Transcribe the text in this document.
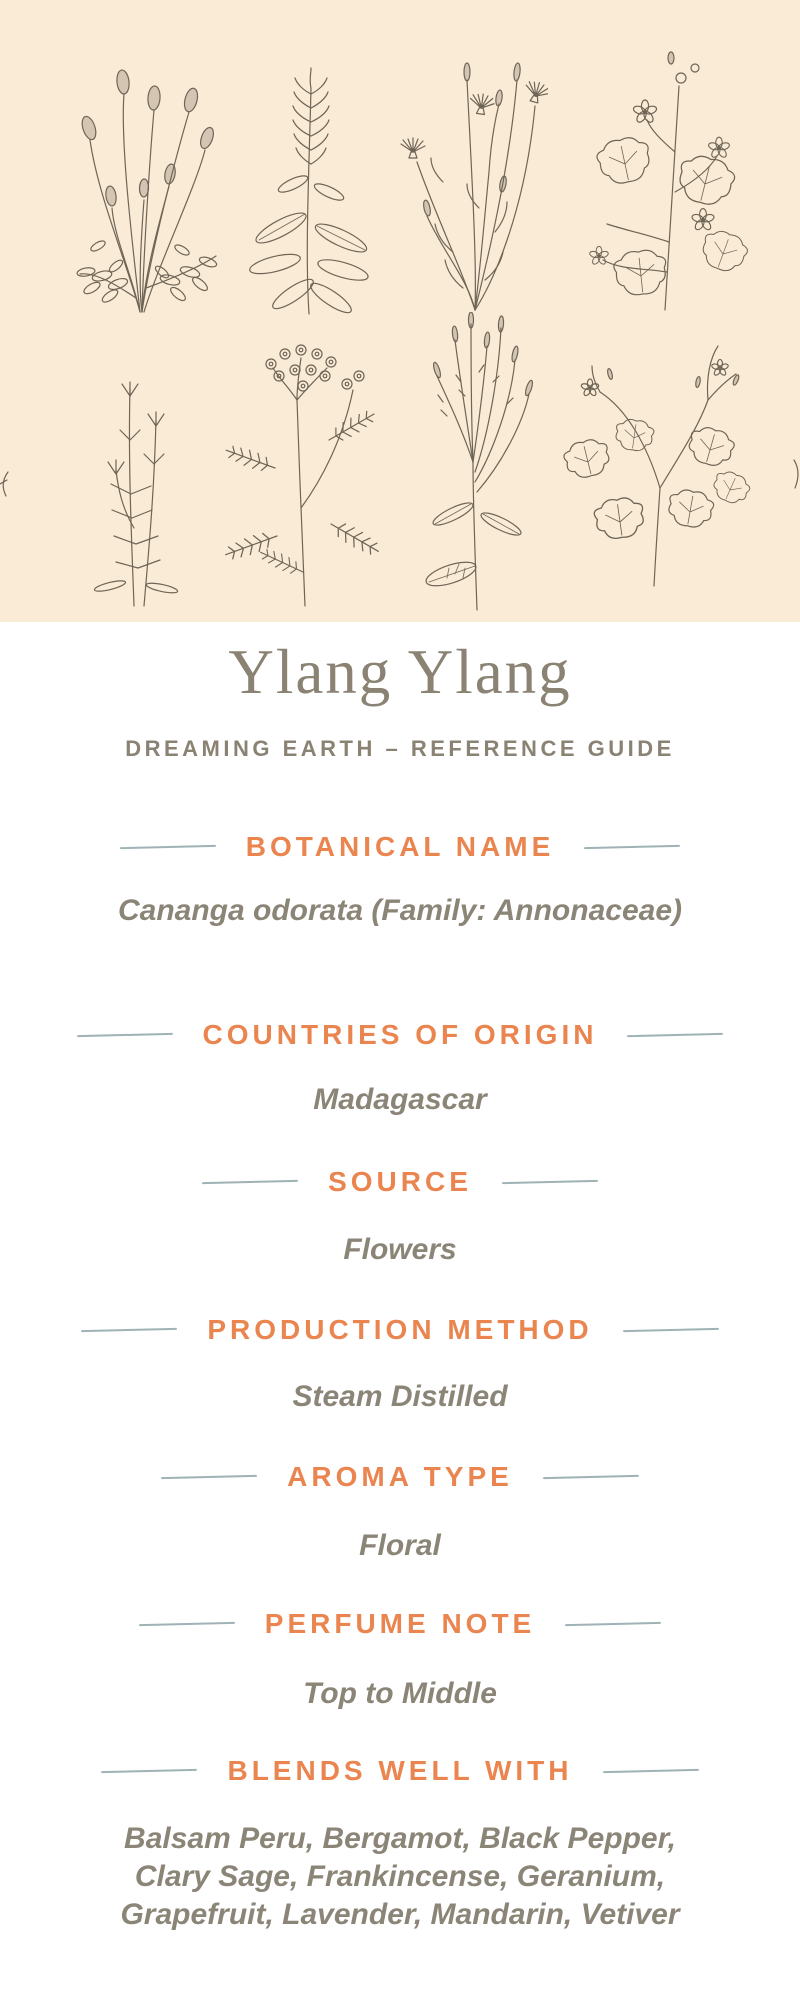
Ylang Ylang
DREAMING EARTH – REFERENCE GUIDE
BOTANICAL NAME

Cananga odorata (Family: Annonaceae)

COUNTRIES OF ORIGIN

Madagascar

SOURCE

Flowers

PRODUCTION METHOD

Steam Distilled

AROMA TYPE

Floral

PERFUME NOTE

Top to Middle

BLENDS WELL WITH

Balsam Peru, Bergamot, Black Pepper, Clary Sage, Frankincense, Geranium, Grapefruit, Lavender, Mandarin, Vetiver
